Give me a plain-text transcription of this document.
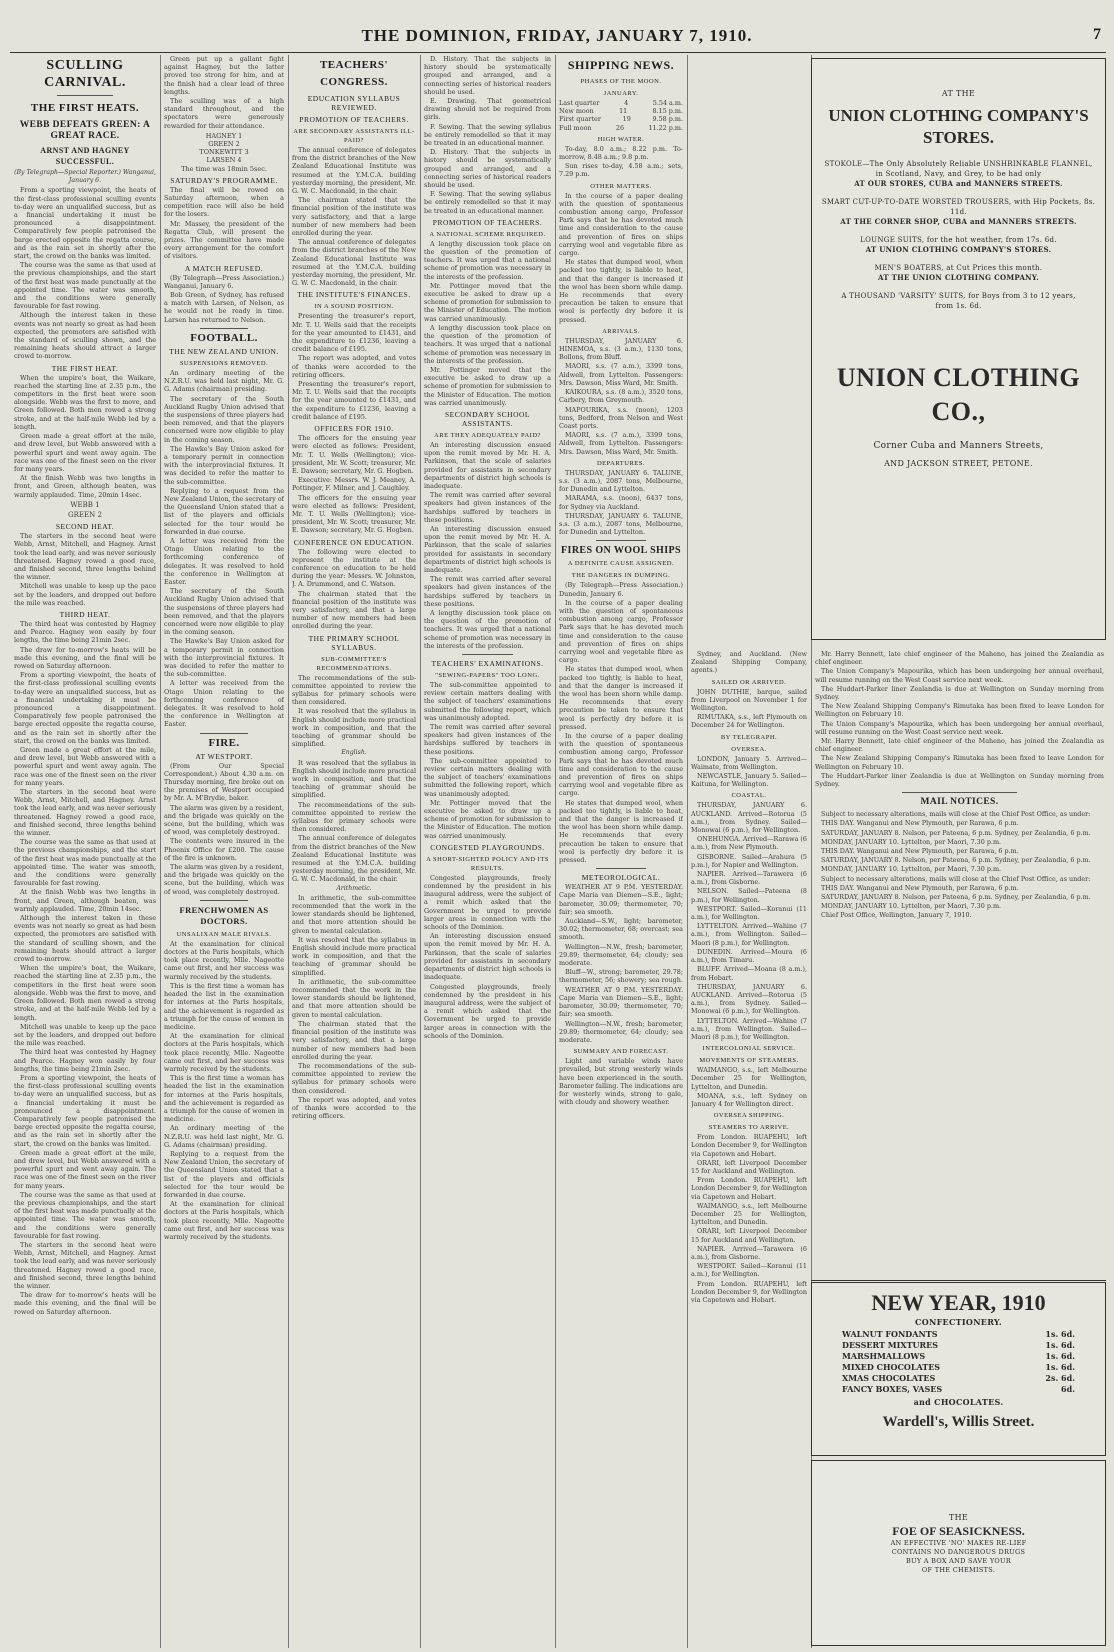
THE DOMINION, FRIDAY, JANUARY 7, 1910.	7
SCULLING CARNIVAL.
THE FIRST HEATS.
WEBB DEFEATS GREEN: A GREAT RACE.
ARNST AND HAGNEY SUCCESSFUL.
(By Telegraph—Special Reporter.) Wanganui, January 6.

From a sporting viewpoint, the heats of the first-class professional sculling events to-day were an unqualified success, but as a financial undertaking it must be pronounced a disappointment. Comparatively few people patronised the barge erected opposite the regatta course, and as the rain set in shortly after the start, the crowd on the banks was limited.

The course was the same as that used at the previous championships, and the start of the first heat was made punctually at the appointed time. The water was smooth, and the conditions were generally favourable for fast rowing.

Although the interest taken in these events was not nearly so great as had been expected, the promoters are satisfied with the standard of sculling shown, and the remaining heats should attract a larger crowd to-morrow.

THE FIRST HEAT.

When the umpire's boat, the Waikare, reached the starting line at 2.35 p.m., the competitors in the first heat were soon alongside. Webb was the first to move, and Green followed. Both men rowed a strong stroke, and at the half-mile Webb led by a length.

Green made a great effort at the mile, and drew level, but Webb answered with a powerful spurt and went away again. The race was one of the finest seen on the river for many years.

At the finish Webb was two lengths in front, and Green, although beaten, was warmly applauded. Time, 20min 14sec.

WEBB 1
GREEN 2
SECOND HEAT.

The starters in the second heat were Webb, Arnst, Mitchell, and Hagney. Arnst took the lead early, and was never seriously threatened. Hagney rowed a good race, and finished second, three lengths behind the winner.

Mitchell was unable to keep up the pace set by the leaders, and dropped out before the mile was reached.

THIRD HEAT.

The third heat was contested by Hagney and Pearce. Hagney won easily by four lengths, the time being 21min 2sec.

The draw for to-morrow's heats will be made this evening, and the final will be rowed on Saturday afternoon.

From a sporting viewpoint, the heats of the first-class professional sculling events to-day were an unqualified success, but as a financial undertaking it must be pronounced a disappointment. Comparatively few people patronised the barge erected opposite the regatta course, and as the rain set in shortly after the start, the crowd on the banks was limited.

Green made a great effort at the mile, and drew level, but Webb answered with a powerful spurt and went away again. The race was one of the finest seen on the river for many years.

The starters in the second heat were Webb, Arnst, Mitchell, and Hagney. Arnst took the lead early, and was never seriously threatened. Hagney rowed a good race, and finished second, three lengths behind the winner.

The course was the same as that used at the previous championships, and the start of the first heat was made punctually at the appointed time. The water was smooth, and the conditions were generally favourable for fast rowing.

At the finish Webb was two lengths in front, and Green, although beaten, was warmly applauded. Time, 20min 14sec.

Although the interest taken in these events was not nearly so great as had been expected, the promoters are satisfied with the standard of sculling shown, and the remaining heats should attract a larger crowd to-morrow.

When the umpire's boat, the Waikare, reached the starting line at 2.35 p.m., the competitors in the first heat were soon alongside. Webb was the first to move, and Green followed. Both men rowed a strong stroke, and at the half-mile Webb led by a length.

Mitchell was unable to keep up the pace set by the leaders, and dropped out before the mile was reached.

The third heat was contested by Hagney and Pearce. Hagney won easily by four lengths, the time being 21min 2sec.

From a sporting viewpoint, the heats of the first-class professional sculling events to-day were an unqualified success, but as a financial undertaking it must be pronounced a disappointment. Comparatively few people patronised the barge erected opposite the regatta course, and as the rain set in shortly after the start, the crowd on the banks was limited.

Green made a great effort at the mile, and drew level, but Webb answered with a powerful spurt and went away again. The race was one of the finest seen on the river for many years.

The course was the same as that used at the previous championships, and the start of the first heat was made punctually at the appointed time. The water was smooth, and the conditions were generally favourable for fast rowing.

The starters in the second heat were Webb, Arnst, Mitchell, and Hagney. Arnst took the lead early, and was never seriously threatened. Hagney rowed a good race, and finished second, three lengths behind the winner.

The draw for to-morrow's heats will be made this evening, and the final will be rowed on Saturday afternoon.

Green put up a gallant fight against Hagney, but the latter proved too strong for him, and at the finish had a clear lead of three lengths.

The sculling was of a high standard throughout, and the spectators were generously rewarded for their attendance.

HAGNEY 1
GREEN 2
TONKEWITT 3
LARSEN 4
The time was 18min 5sec.
SATURDAY'S PROGRAMME.

The final will be rowed on Saturday afternoon, when a competition race will also be held for the losers.

Mr. Massey, the president of the Regatta Club, will present the prizes. The committee have made every arrangement for the comfort of visitors.

A MATCH REFUSED.

(By Telegraph—Press Association.) Wanganui, January 6.

Bob Green, of Sydney, has refused a match with Larsen, of Nelson, as he would not be ready in time. Larsen has returned to Nelson.

FOOTBALL.
THE NEW ZEALAND UNION.
SUSPENSIONS REMOVED.

An ordinary meeting of the N.Z.R.U. was held last night, Mr. G. G. Adams (chairman) presiding.

The secretary of the South Auckland Rugby Union advised that the suspensions of three players had been removed, and that the players concerned were now eligible to play in the coming season.

The Hawke's Bay Union asked for a temporary permit in connection with the interprovincial fixtures. It was decided to refer the matter to the sub-committee.

Replying to a request from the New Zealand Union, the secretary of the Queensland Union stated that a list of the players and officials selected for the tour would be forwarded in due course.

A letter was received from the Otago Union relating to the forthcoming conference of delegates. It was resolved to hold the conference in Wellington at Easter.

The secretary of the South Auckland Rugby Union advised that the suspensions of three players had been removed, and that the players concerned were now eligible to play in the coming season.

The Hawke's Bay Union asked for a temporary permit in connection with the interprovincial fixtures. It was decided to refer the matter to the sub-committee.

A letter was received from the Otago Union relating to the forthcoming conference of delegates. It was resolved to hold the conference in Wellington at Easter.

FIRE.
AT WESTPORT.

(From Our Special Correspondent.) About 4.30 a.m. on Thursday morning, fire broke out on the premises of Westport occupied by Mr. A. M'Brydie, baker.

The alarm was given by a resident, and the brigade was quickly on the scene, but the building, which was of wood, was completely destroyed.

The contents were insured in the Phoenix Office for £200. The cause of the fire is unknown.

The alarm was given by a resident, and the brigade was quickly on the scene, but the building, which was of wood, was completely destroyed.

FRENCHWOMEN AS DOCTORS.
UNSALIXAN MALE RIVALS.

At the examination for clinical doctors at the Paris hospitals, which took place recently, Mlle. Nageotte came out first, and her success was warmly received by the students.

This is the first time a woman has headed the list in the examination for internes at the Paris hospitals, and the achievement is regarded as a triumph for the cause of women in medicine.

At the examination for clinical doctors at the Paris hospitals, which took place recently, Mlle. Nageotte came out first, and her success was warmly received by the students.

This is the first time a woman has headed the list in the examination for internes at the Paris hospitals, and the achievement is regarded as a triumph for the cause of women in medicine.

An ordinary meeting of the N.Z.R.U. was held last night, Mr. G. G. Adams (chairman) presiding.

Replying to a request from the New Zealand Union, the secretary of the Queensland Union stated that a list of the players and officials selected for the tour would be forwarded in due course.

At the examination for clinical doctors at the Paris hospitals, which took place recently, Mlle. Nageotte came out first, and her success was warmly received by the students.

TEACHERS' CONGRESS.
EDUCATION SYLLABUS REVIEWED.
PROMOTION OF TEACHERS.
ARE SECONDARY ASSISTANTS ILL-PAID?

The annual conference of delegates from the district branches of the New Zealand Educational Institute was resumed at the Y.M.C.A. building yesterday morning, the president, Mr. G. W. C. Macdonald, in the chair.

The chairman stated that the financial position of the institute was very satisfactory, and that a large number of new members had been enrolled during the year.

The annual conference of delegates from the district branches of the New Zealand Educational Institute was resumed at the Y.M.C.A. building yesterday morning, the president, Mr. G. W. C. Macdonald, in the chair.

THE INSTITUTE'S FINANCES.
IN A SOUND POSITION.

Presenting the treasurer's report, Mr. T. U. Wells said that the receipts for the year amounted to £1431, and the expenditure to £1236, leaving a credit balance of £195.

The report was adopted, and votes of thanks were accorded to the retiring officers.

Presenting the treasurer's report, Mr. T. U. Wells said that the receipts for the year amounted to £1431, and the expenditure to £1236, leaving a credit balance of £195.

OFFICERS FOR 1910.

The officers for the ensuing year were elected as follows: President, Mr. T. U. Wells (Wellington); vice-president, Mr. W. Scott; treasurer, Mr. E. Dawson; secretary, Mr. G. Hogben.

Executive: Messrs. W. J. Meaney, A. Pottinger, F. Milner, and J. Caughley.

The officers for the ensuing year were elected as follows: President, Mr. T. U. Wells (Wellington); vice-president, Mr. W. Scott; treasurer, Mr. E. Dawson; secretary, Mr. G. Hogben.

CONFERENCE ON EDUCATION.

The following were elected to represent the institute at the conference on education to be held during the year: Messrs. W. Johnston, J. A. Drummond, and C. Watson.

The chairman stated that the financial position of the institute was very satisfactory, and that a large number of new members had been enrolled during the year.

THE PRIMARY SCHOOL SYLLABUS.
SUB-COMMITTEE'S RECOMMENDATIONS.

The recommendations of the sub-committee appointed to review the syllabus for primary schools were then considered.

It was resolved that the syllabus in English should include more practical work in composition, and that the teaching of grammar should be simplified.

English.

It was resolved that the syllabus in English should include more practical work in composition, and that the teaching of grammar should be simplified.

The recommendations of the sub-committee appointed to review the syllabus for primary schools were then considered.

The annual conference of delegates from the district branches of the New Zealand Educational Institute was resumed at the Y.M.C.A. building yesterday morning, the president, Mr. G. W. C. Macdonald, in the chair.

Arithmetic.

In arithmetic, the sub-committee recommended that the work in the lower standards should be lightened, and that more attention should be given to mental calculation.

It was resolved that the syllabus in English should include more practical work in composition, and that the teaching of grammar should be simplified.

In arithmetic, the sub-committee recommended that the work in the lower standards should be lightened, and that more attention should be given to mental calculation.

The chairman stated that the financial position of the institute was very satisfactory, and that a large number of new members had been enrolled during the year.

The recommendations of the sub-committee appointed to review the syllabus for primary schools were then considered.

The report was adopted, and votes of thanks were accorded to the retiring officers.

D. History. That the subjects in history should be systematically grouped and arranged, and a connecting series of historical readers should be used.

E. Drawing. That geometrical drawing should not be required from girls.

F. Sewing. That the sewing syllabus be entirely remodelled so that it may be treated in an educational manner.

D. History. That the subjects in history should be systematically grouped and arranged, and a connecting series of historical readers should be used.

F. Sewing. That the sewing syllabus be entirely remodelled so that it may be treated in an educational manner.

PROMOTION OF TEACHERS.
A NATIONAL SCHEME REQUIRED.

A lengthy discussion took place on the question of the promotion of teachers. It was urged that a national scheme of promotion was necessary in the interests of the profession.

Mr. Pottinger moved that the executive be asked to draw up a scheme of promotion for submission to the Minister of Education. The motion was carried unanimously.

A lengthy discussion took place on the question of the promotion of teachers. It was urged that a national scheme of promotion was necessary in the interests of the profession.

Mr. Pottinger moved that the executive be asked to draw up a scheme of promotion for submission to the Minister of Education. The motion was carried unanimously.

SECONDARY SCHOOL ASSISTANTS.
ARE THEY ADEQUATELY PAID?

An interesting discussion ensued upon the remit moved by Mr. H. A. Parkinson, that the scale of salaries provided for assistants in secondary departments of district high schools is inadequate.

The remit was carried after several speakers had given instances of the hardships suffered by teachers in these positions.

An interesting discussion ensued upon the remit moved by Mr. H. A. Parkinson, that the scale of salaries provided for assistants in secondary departments of district high schools is inadequate.

The remit was carried after several speakers had given instances of the hardships suffered by teachers in these positions.

A lengthy discussion took place on the question of the promotion of teachers. It was urged that a national scheme of promotion was necessary in the interests of the profession.

TEACHERS' EXAMINATIONS.
"SEWING-PAPERS" TOO LONG.

The sub-committee appointed to review certain matters dealing with the subject of teachers' examinations submitted the following report, which was unanimously adopted.

The remit was carried after several speakers had given instances of the hardships suffered by teachers in these positions.

The sub-committee appointed to review certain matters dealing with the subject of teachers' examinations submitted the following report, which was unanimously adopted.

Mr. Pottinger moved that the executive be asked to draw up a scheme of promotion for submission to the Minister of Education. The motion was carried unanimously.

CONGESTED PLAYGROUNDS.
A SHORT-SIGHTED POLICY AND ITS RESULTS.

Congested playgrounds, freely condemned by the president in his inaugural address, were the subject of a remit which asked that the Government be urged to provide larger areas in connection with the schools of the Dominion.

An interesting discussion ensued upon the remit moved by Mr. H. A. Parkinson, that the scale of salaries provided for assistants in secondary departments of district high schools is inadequate.

Congested playgrounds, freely condemned by the president in his inaugural address, were the subject of a remit which asked that the Government be urged to provide larger areas in connection with the schools of the Dominion.

SHIPPING NEWS.
PHASES OF THE MOON.
JANUARY.
Last quarter	4	5.54 a.m.
New moon	11	8.15 p.m.
First quarter	19	9.58 p.m.
Full moon	26	11.22 p.m.
HIGH WATER.

To-day, 8.0 a.m.; 8.22 p.m. To-morrow, 8.48 a.m.; 9.8 p.m.

Sun rises to-day, 4.58 a.m.; sets, 7.29 p.m.

OTHER MATTERS.

In the course of a paper dealing with the question of spontaneous combustion among cargo, Professor Park says that he has devoted much time and consideration to the cause and prevention of fires on ships carrying wool and vegetable fibre as cargo.

He states that dumped wool, when packed too tightly, is liable to heat, and that the danger is increased if the wool has been shorn while damp. He recommends that every precaution be taken to ensure that wool is perfectly dry before it is pressed.

ARRIVALS.

THURSDAY, JANUARY 6. HINEMOA, s.s. (3 a.m.), 1130 tons, Bollons, from Bluff.

MAORI, s.s. (7 a.m.), 3399 tons, Aldwell, from Lyttelton. Passengers: Mrs. Dawson, Miss Ward, Mr. Smith.

KAIKOURA, s.s. (8 a.m.), 3520 tons, Carbery, from Greymouth.

MAPOURIKA, s.s. (noon), 1203 tons, Bedford, from Nelson and West Coast ports.

MAORI, s.s. (7 a.m.), 3399 tons, Aldwell, from Lyttelton. Passengers: Mrs. Dawson, Miss Ward, Mr. Smith.

DEPARTURES.

THURSDAY, JANUARY 6. TALUNE, s.s. (3 a.m.), 2087 tons, Melbourne, for Dunedin and Lyttelton.

MARAMA, s.s. (noon), 6437 tons, for Sydney via Auckland.

THURSDAY, JANUARY 6. TALUNE, s.s. (3 a.m.), 2087 tons, Melbourne, for Dunedin and Lyttelton.

FIRES ON WOOL SHIPS
A DEFINITE CAUSE ASSIGNED.
THE DANGERS IN DUMPING.

(By Telegraph—Press Association.) Dunedin, January 6.

In the course of a paper dealing with the question of spontaneous combustion among cargo, Professor Park says that he has devoted much time and consideration to the cause and prevention of fires on ships carrying wool and vegetable fibre as cargo.

He states that dumped wool, when packed too tightly, is liable to heat, and that the danger is increased if the wool has been shorn while damp. He recommends that every precaution be taken to ensure that wool is perfectly dry before it is pressed.

In the course of a paper dealing with the question of spontaneous combustion among cargo, Professor Park says that he has devoted much time and consideration to the cause and prevention of fires on ships carrying wool and vegetable fibre as cargo.

He states that dumped wool, when packed too tightly, is liable to heat, and that the danger is increased if the wool has been shorn while damp. He recommends that every precaution be taken to ensure that wool is perfectly dry before it is pressed.

METEOROLOGICAL.

WEATHER AT 9 P.M. YESTERDAY. Cape Maria van Diemen—S.E., light; barometer, 30.09; thermometer, 70; fair; sea smooth.

Auckland—S.W., light; barometer, 30.02; thermometer, 68; overcast; sea smooth.

Wellington—N.W., fresh; barometer, 29.89; thermometer, 64; cloudy; sea moderate.

Bluff—W., strong; barometer, 29.78; thermometer, 56; showery; sea rough.

WEATHER AT 9 P.M. YESTERDAY. Cape Maria van Diemen—S.E., light; barometer, 30.09; thermometer, 70; fair; sea smooth.

Wellington—N.W., fresh; barometer, 29.89; thermometer, 64; cloudy; sea moderate.

SUMMARY AND FORECAST.

Light and variable winds have prevailed, but strong westerly winds have been experienced in the south. Barometer falling. The indications are for westerly winds, strong to gale, with cloudy and showery weather.

Sydney, and Auckland. (New Zealand Shipping Company, agents.)

SAILED OR ARRIVED.

JOHN DUTHIE, barque, sailed from Liverpool on November 1 for Wellington.

RIMUTAKA, s.s., left Plymouth on December 24 for Wellington.

BY TELEGRAPH.
OVERSEA.

LONDON, January 5. Arrived—Waimate, from Wellington.

NEWCASTLE, January 5. Sailed—Kaituna, for Wellington.

COASTAL.

THURSDAY, JANUARY 6. AUCKLAND. Arrived—Rotorua (5 a.m.), from Sydney. Sailed—Monowai (6 p.m.), for Wellington.

ONEHUNGA. Arrived—Rarawa (6 a.m.), from New Plymouth.

GISBORNE. Sailed—Arahura (5 p.m.), for Napier and Wellington.

NAPIER. Arrived—Tarawera (6 a.m.), from Gisborne.

NELSON. Sailed—Pateena (8 p.m.), for Wellington.

WESTPORT. Sailed—Koranui (11 a.m.), for Wellington.

LYTTELTON. Arrived—Wahine (7 a.m.), from Wellington. Sailed—Maori (8 p.m.), for Wellington.

DUNEDIN. Arrived—Moura (6 a.m.), from Timaru.

BLUFF. Arrived—Moana (8 a.m.), from Hobart.

THURSDAY, JANUARY 6. AUCKLAND. Arrived—Rotorua (5 a.m.), from Sydney. Sailed—Monowai (6 p.m.), for Wellington.

LYTTELTON. Arrived—Wahine (7 a.m.), from Wellington. Sailed—Maori (8 p.m.), for Wellington.

INTERCOLONIAL SERVICE.
MOVEMENTS OF STEAMERS.

WAIMANGO, s.s., left Melbourne December 25 for Wellington, Lyttelton, and Dunedin.

MOANA, s.s., left Sydney on January 4 for Wellington direct.

OVERSEA SHIPPING.
STEAMERS TO ARRIVE.

From London. RUAPEHU, left London December 9, for Wellington via Capetown and Hobart.

ORARI, left Liverpool December 15 for Auckland and Wellington.

From London. RUAPEHU, left London December 9, for Wellington via Capetown and Hobart.

WAIMANGO, s.s., left Melbourne December 25 for Wellington, Lyttelton, and Dunedin.

ORARI, left Liverpool December 15 for Auckland and Wellington.

NAPIER. Arrived—Tarawera (6 a.m.), from Gisborne.

WESTPORT. Sailed—Koranui (11 a.m.), for Wellington.

From London. RUAPEHU, left London December 9, for Wellington via Capetown and Hobart.

Mr. Harry Bennett, late chief engineer of the Maheno, has joined the Zealandia as chief engineer.

The Union Company's Mapourika, which has been undergoing her annual overhaul, will resume running on the West Coast service next week.

The Huddart-Parker liner Zealandia is due at Wellington on Sunday morning from Sydney.

The New Zealand Shipping Company's Rimutaka has been fixed to leave London for Wellington on February 10.

The Union Company's Mapourika, which has been undergoing her annual overhaul, will resume running on the West Coast service next week.

Mr. Harry Bennett, late chief engineer of the Maheno, has joined the Zealandia as chief engineer.

The New Zealand Shipping Company's Rimutaka has been fixed to leave London for Wellington on February 10.

The Huddart-Parker liner Zealandia is due at Wellington on Sunday morning from Sydney.

MAIL NOTICES.

Subject to necessary alterations, mails will close at the Chief Post Office, as under:

THIS DAY. Wanganui and New Plymouth, per Rarawa, 6 p.m.

SATURDAY, JANUARY 8. Nelson, per Pateena, 6 p.m. Sydney, per Zealandia, 6 p.m.

MONDAY, JANUARY 10. Lyttelton, per Maori, 7.30 p.m.

THIS DAY. Wanganui and New Plymouth, per Rarawa, 6 p.m.

SATURDAY, JANUARY 8. Nelson, per Pateena, 6 p.m. Sydney, per Zealandia, 6 p.m.

MONDAY, JANUARY 10. Lyttelton, per Maori, 7.30 p.m.

Subject to necessary alterations, mails will close at the Chief Post Office, as under:

THIS DAY. Wanganui and New Plymouth, per Rarawa, 6 p.m.

SATURDAY, JANUARY 8. Nelson, per Pateena, 6 p.m. Sydney, per Zealandia, 6 p.m.

MONDAY, JANUARY 10. Lyttelton, per Maori, 7.30 p.m.

Chief Post Office, Wellington, January 7, 1910.

AT THE
UNION CLOTHING COMPANY'S STORES.
STOKOLE—The Only Absolutely Reliable UNSHRINKABLE FLANNEL, in Scotland, Navy, and Grey, to be had only
AT OUR STORES, CUBA and MANNERS STREETS.
SMART CUT-UP-TO-DATE WORSTED TROUSERS, with Hip Pockets, 8s. 11d.
AT THE CORNER SHOP, CUBA and MANNERS STREETS.
LOUNGE SUITS, for the hot weather, from 17s. 6d.
AT UNION CLOTHING COMPANY'S STORES.
MEN'S BOATERS, at Cut Prices this month.
AT THE UNION CLOTHING COMPANY.
A THOUSAND 'VARSITY' SUITS, for Boys from 3 to 12 years, from 1s. 6d.
UNION CLOTHING CO.,
Corner Cuba and Manners Streets,
AND JACKSON STREET, PETONE.
NEW YEAR, 1910
CONFECTIONERY.
WALNUT FONDANTS	1s. 6d.
DESSERT MIXTURES	1s. 6d.
MARSHMALLOWS	1s. 6d.
MIXED CHOCOLATES	1s. 6d.
XMAS CHOCOLATES	2s. 6d.
FANCY BOXES, VASES	6d.
and CHOCOLATES.
Wardell's, Willis Street.
THE
FOE OF SEASICKNESS.
AN EFFECTIVE 'NO' MAKES RE-LIEF
CONTAINS NO DANGEROUS DRUGS
BUY A BOX AND SAVE YOUR
OF THE CHEMISTS.
